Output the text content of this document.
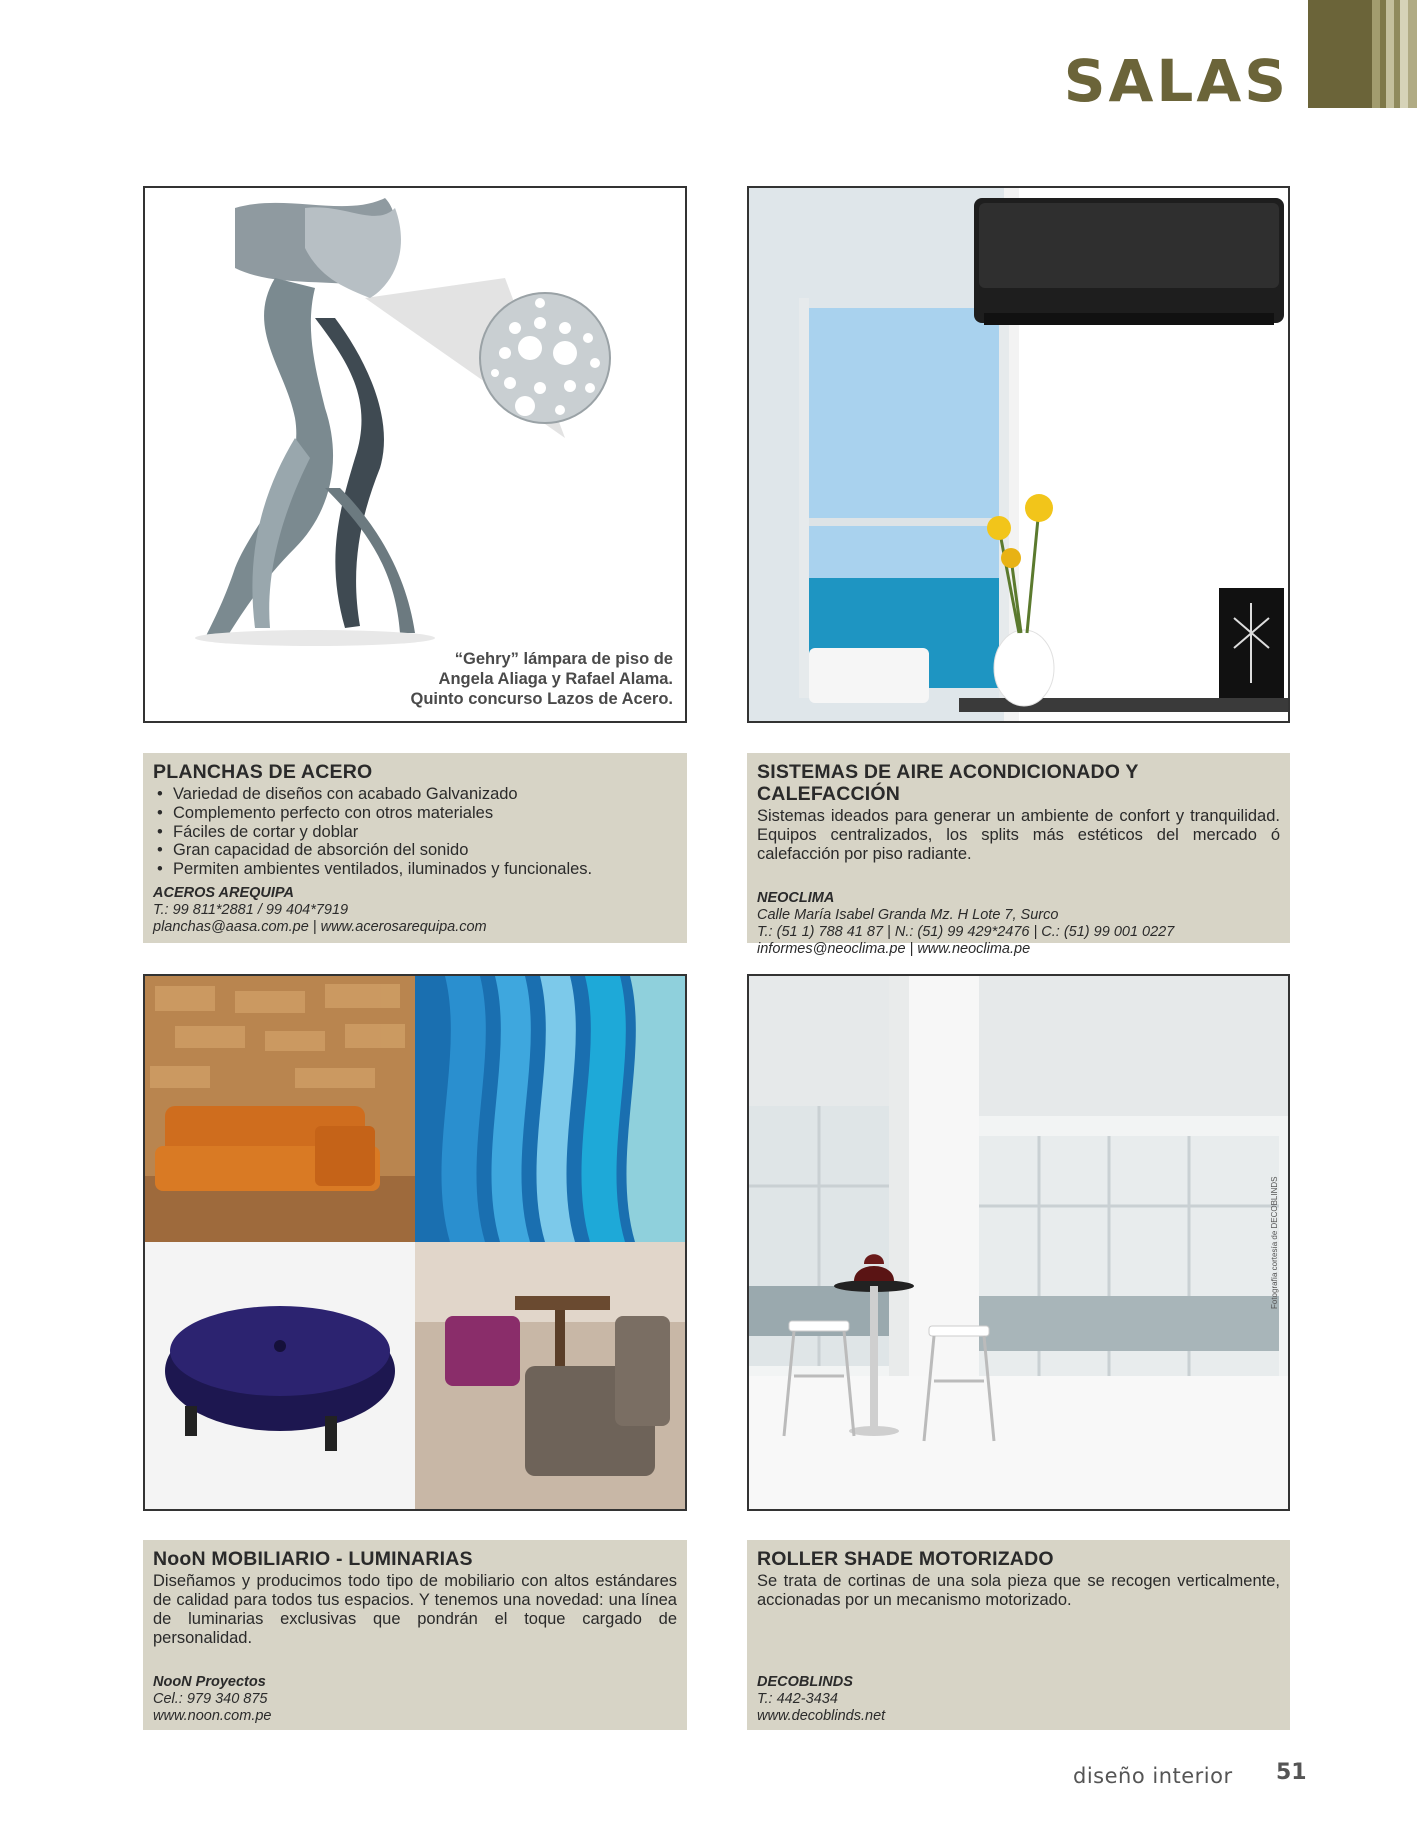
SALAS
“Gehry” lámpara de piso de
Angela Aliaga y Rafael Alama.
Quinto concurso Lazos de Acero.
PLANCHAS DE ACERO
• Variedad de diseños con acabado Galvanizado
• Complemento perfecto con otros materiales
• Fáciles de cortar y doblar
• Gran capacidad de absorción del sonido
• Permiten ambientes ventilados, iluminados y funcionales.
ACEROS AREQUIPA
T.: 99 811*2881 / 99 404*7919
planchas@aasa.com.pe | www.acerosarequipa.com
SISTEMAS DE AIRE ACONDICIONADO Y CALEFACCIÓN

Sistemas ideados para generar un ambiente de confort y tranquilidad. Equipos centralizados, los splits más estéticos del mercado ó calefacción por piso radiante.

NEOCLIMA
Calle María Isabel Granda Mz. H Lote 7, Surco
T.: (51 1) 788 41 87 | N.: (51) 99 429*2476 | C.: (51) 99 001 0227
informes@neoclima.pe | www.neoclima.pe
Fotografía cortesía de DECOBLINDS
NooN MOBILIARIO - LUMINARIAS

Diseñamos y producimos todo tipo de mobiliario con altos estándares de calidad para todos tus espacios. Y tenemos una novedad: una línea de luminarias exclusivas que pondrán el toque cargado de personalidad.

NooN Proyectos
Cel.: 979 340 875
www.noon.com.pe
ROLLER SHADE MOTORIZADO

Se trata de cortinas de una sola pieza que se recogen verticalmente, accionadas por un mecanismo motorizado.

DECOBLINDS
T.: 442-3434
www.decoblinds.net
diseño interior 51
